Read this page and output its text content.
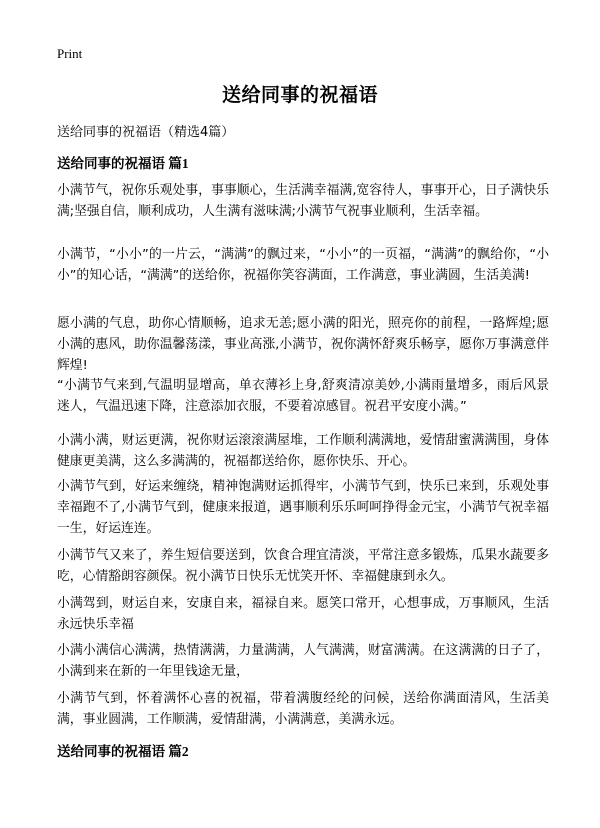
Print
送给同事的祝福语
送给同事的祝福语（精选4篇）
送给同事的祝福语 篇1

小满节气，祝你乐观处事，事事顺心，生活满幸福满,宽容待人，事事开心，日子满快乐满;坚强自信，顺利成功，人生满有滋味满;小满节气祝事业顺利，生活幸福。

小满节，“小小”的一片云，“满满”的飘过来，“小小”的一页福，“满满”的飘给你，“小小”的知心话，“满满”的送给你，祝福你笑容满面，工作满意，事业满圆，生活美满!

愿小满的气息，助你心情顺畅，追求无恙;愿小满的阳光，照亮你的前程，一路辉煌;愿小满的惠风，助你温馨荡漾，事业高涨,小满节，祝你满怀舒爽乐畅享，愿你万事满意伴辉煌!

“小满节气来到,气温明显增高，单衣薄衫上身,舒爽清凉美妙,小满雨量增多，雨后风景迷人，气温迅速下降，注意添加衣服，不要着凉感冒。祝君平安度小满。”

小满小满，财运更满，祝你财运滚滚满屋堆，工作顺利满满地，爱情甜蜜满满围，身体健康更美满，这么多满满的，祝福都送给你，愿你快乐、开心。

小满节气到，好运来缠绕，精神饱满财运抓得牢，小满节气到，快乐已来到，乐观处事幸福跑不了,小满节气到，健康来报道，遇事顺利乐乐呵呵挣得金元宝，小满节气祝幸福一生，好运连连。

小满节气又来了，养生短信要送到，饮食合理宜清淡，平常注意多锻炼，瓜果水蔬要多吃，心情豁朗容颜保。祝小满节日快乐无忧笑开怀、幸福健康到永久。

小满驾到，财运自来，安康自来，福禄自来。愿笑口常开，心想事成，万事顺风，生活永远快乐幸福

小满小满信心满满，热情满满，力量满满，人气满满，财富满满。在这满满的日子了，小满到来在新的一年里钱途无量，

小满节气到，怀着满怀心喜的祝福，带着满腹经纶的问候，送给你满面清风，生活美满，事业圆满，工作顺满，爱情甜满，小满满意，美满永远。

送给同事的祝福语 篇2
